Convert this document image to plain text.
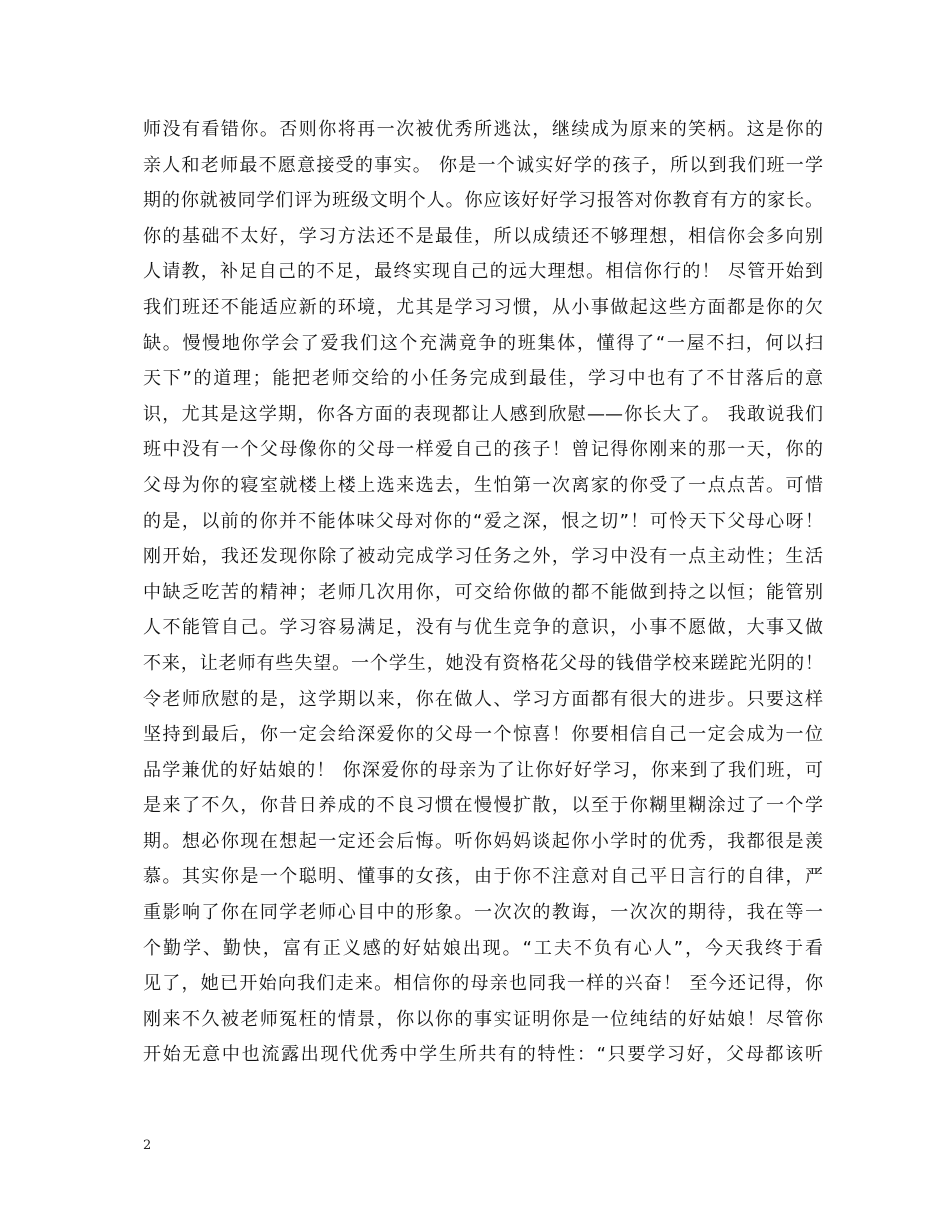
师没有看错你。否则你将再一次被优秀所逃汰，继续成为原来的笑柄。这是你的
亲人和老师最不愿意接受的事实。 你是一个诚实好学的孩子，所以到我们班一学
期的你就被同学们评为班级文明个人。你应该好好学习报答对你教育有方的家长。
你的基础不太好，学习方法还不是最佳，所以成绩还不够理想，相信你会多向别
人请教，补足自己的不足，最终实现自己的远大理想。相信你行的！ 尽管开始到
我们班还不能适应新的环境，尤其是学习习惯，从小事做起这些方面都是你的欠
缺。慢慢地你学会了爱我们这个充满竟争的班集体，懂得了“一屋不扫，何以扫
天下”的道理；能把老师交给的小任务完成到最佳，学习中也有了不甘落后的意
识，尤其是这学期，你各方面的表现都让人感到欣慰——你长大了。 我敢说我们
班中没有一个父母像你的父母一样爱自己的孩子！曾记得你刚来的那一天，你的
父母为你的寝室就楼上楼上选来选去，生怕第一次离家的你受了一点点苦。可惜
的是，以前的你并不能体味父母对你的“爱之深，恨之切”！可怜天下父母心呀！
刚开始，我还发现你除了被动完成学习任务之外，学习中没有一点主动性；生活
中缺乏吃苦的精神；老师几次用你，可交给你做的都不能做到持之以恒；能管别
人不能管自己。学习容易满足，没有与优生竞争的意识，小事不愿做，大事又做
不来，让老师有些失望。一个学生，她没有资格花父母的钱借学校来蹉跎光阴的！
令老师欣慰的是，这学期以来，你在做人、学习方面都有很大的进步。只要这样
坚持到最后，你一定会给深爱你的父母一个惊喜！你要相信自己一定会成为一位
品学兼优的好姑娘的！ 你深爱你的母亲为了让你好好学习，你来到了我们班，可
是来了不久，你昔日养成的不良习惯在慢慢扩散，以至于你糊里糊涂过了一个学
期。想必你现在想起一定还会后悔。听你妈妈谈起你小学时的优秀，我都很是羡
慕。其实你是一个聪明、懂事的女孩，由于你不注意对自己平日言行的自律，严
重影响了你在同学老师心目中的形象。一次次的教诲，一次次的期待，我在等一
个勤学、勤快，富有正义感的好姑娘出现。“工夫不负有心人”，今天我终于看
见了，她已开始向我们走来。相信你的母亲也同我一样的兴奋！ 至今还记得，你
刚来不久被老师冤枉的情景，你以你的事实证明你是一位纯结的好姑娘！尽管你
开始无意中也流露出现代优秀中学生所共有的特性：“只要学习好，父母都该听
2
